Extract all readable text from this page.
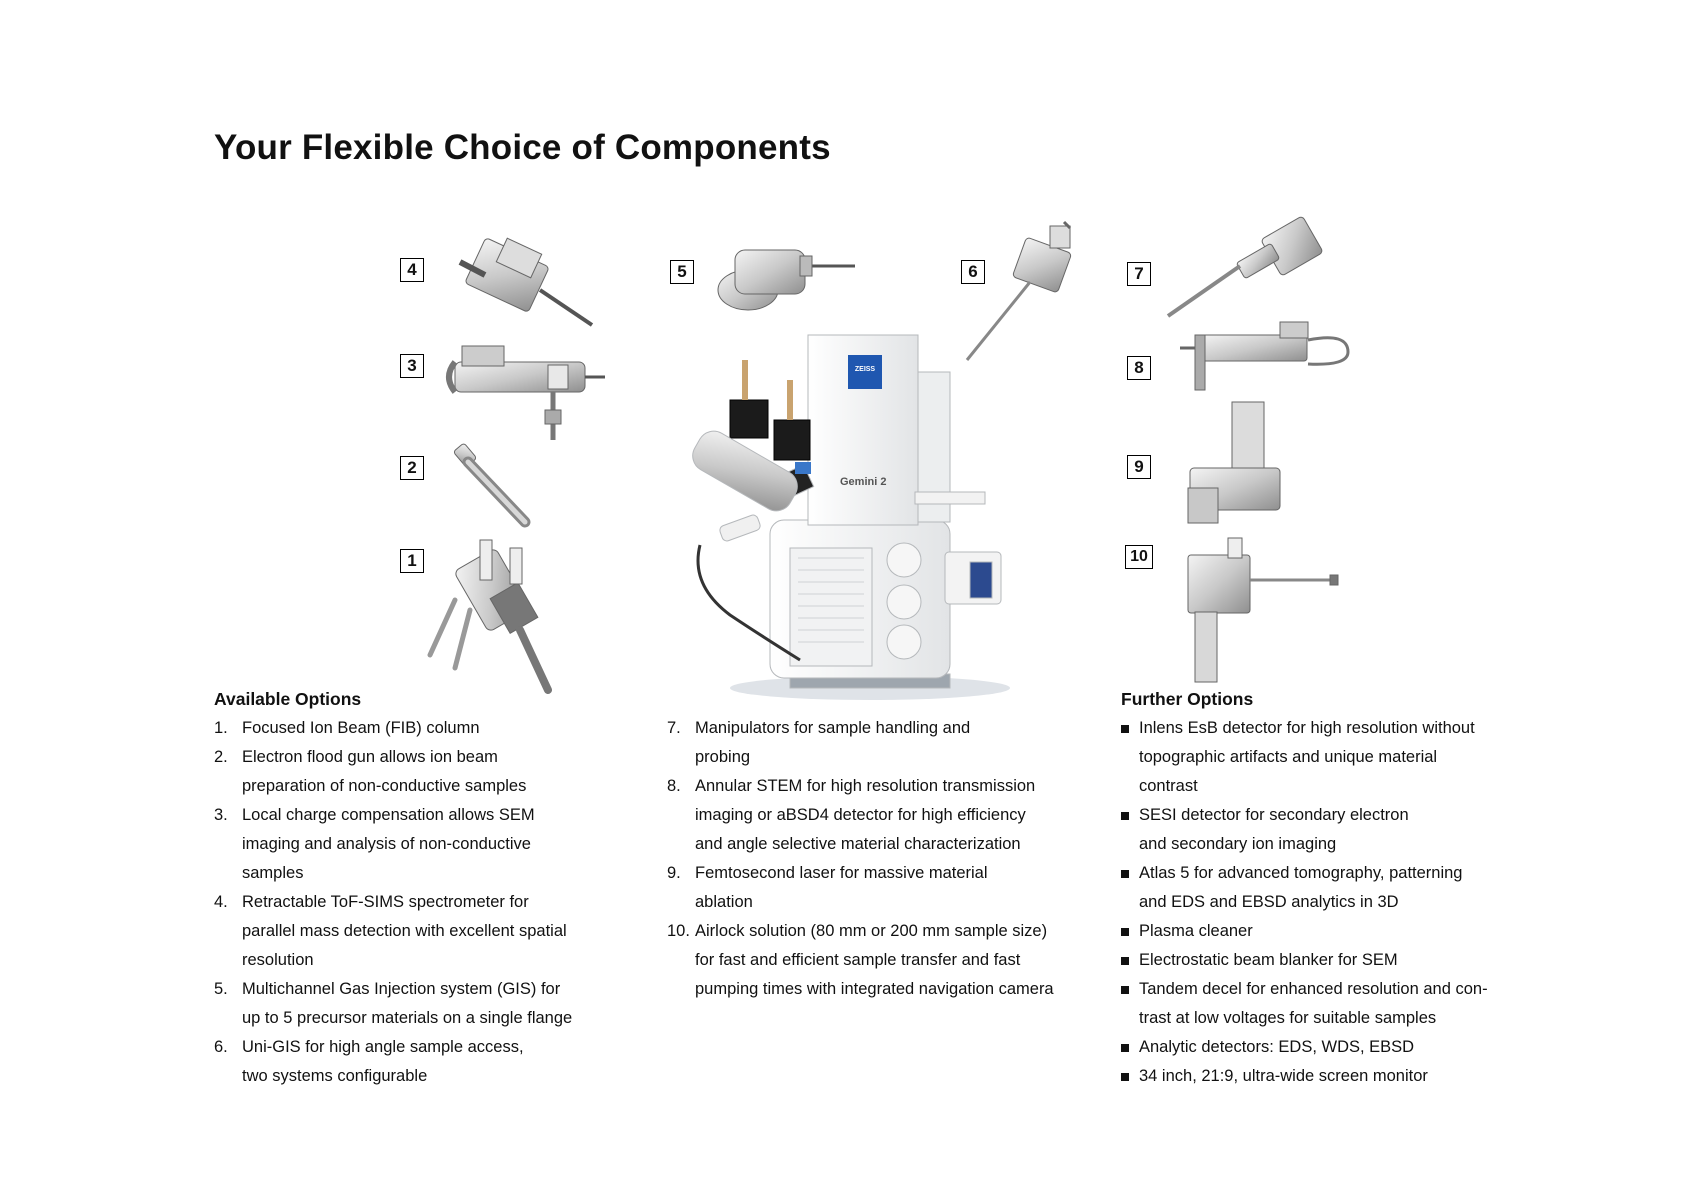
Your Flexible Choice of Components
ZEISS
Gemini 2
4
3
2
1
5	6	7
8
9
10
Available Options
1. Focused Ion Beam (FIB) column
2. Electron flood gun allows ion beam
preparation of non-conductive samples
3. Local charge compensation allows SEM
imaging and analysis of non-conductive
samples
4. Retractable ToF-SIMS spectrometer for
parallel mass detection with excellent spatial
resolution
5. Multichannel Gas Injection system (GIS) for
up to 5 precursor materials on a single flange
6. Uni-GIS for high angle sample access,
two systems configurable
7. Manipulators for sample handling and
probing
8. Annular STEM for high resolution transmission
imaging or aBSD4 detector for high efficiency
and angle selective material characterization
9. Femtosecond laser for massive material
ablation
10. Airlock solution (80 mm or 200 mm sample size)
for fast and efficient sample transfer and fast
pumping times with integrated navigation camera
Further Options
Inlens EsB detector for high resolution without
topographic artifacts and unique material
contrast
SESI detector for secondary electron
and secondary ion imaging
Atlas 5 for advanced tomography, patterning
and EDS and EBSD analytics in 3D
Plasma cleaner
Electrostatic beam blanker for SEM
Tandem decel for enhanced resolution and con-
trast at low voltages for suitable samples
Analytic detectors: EDS, WDS, EBSD
34 inch, 21:9, ultra-wide screen monitor
